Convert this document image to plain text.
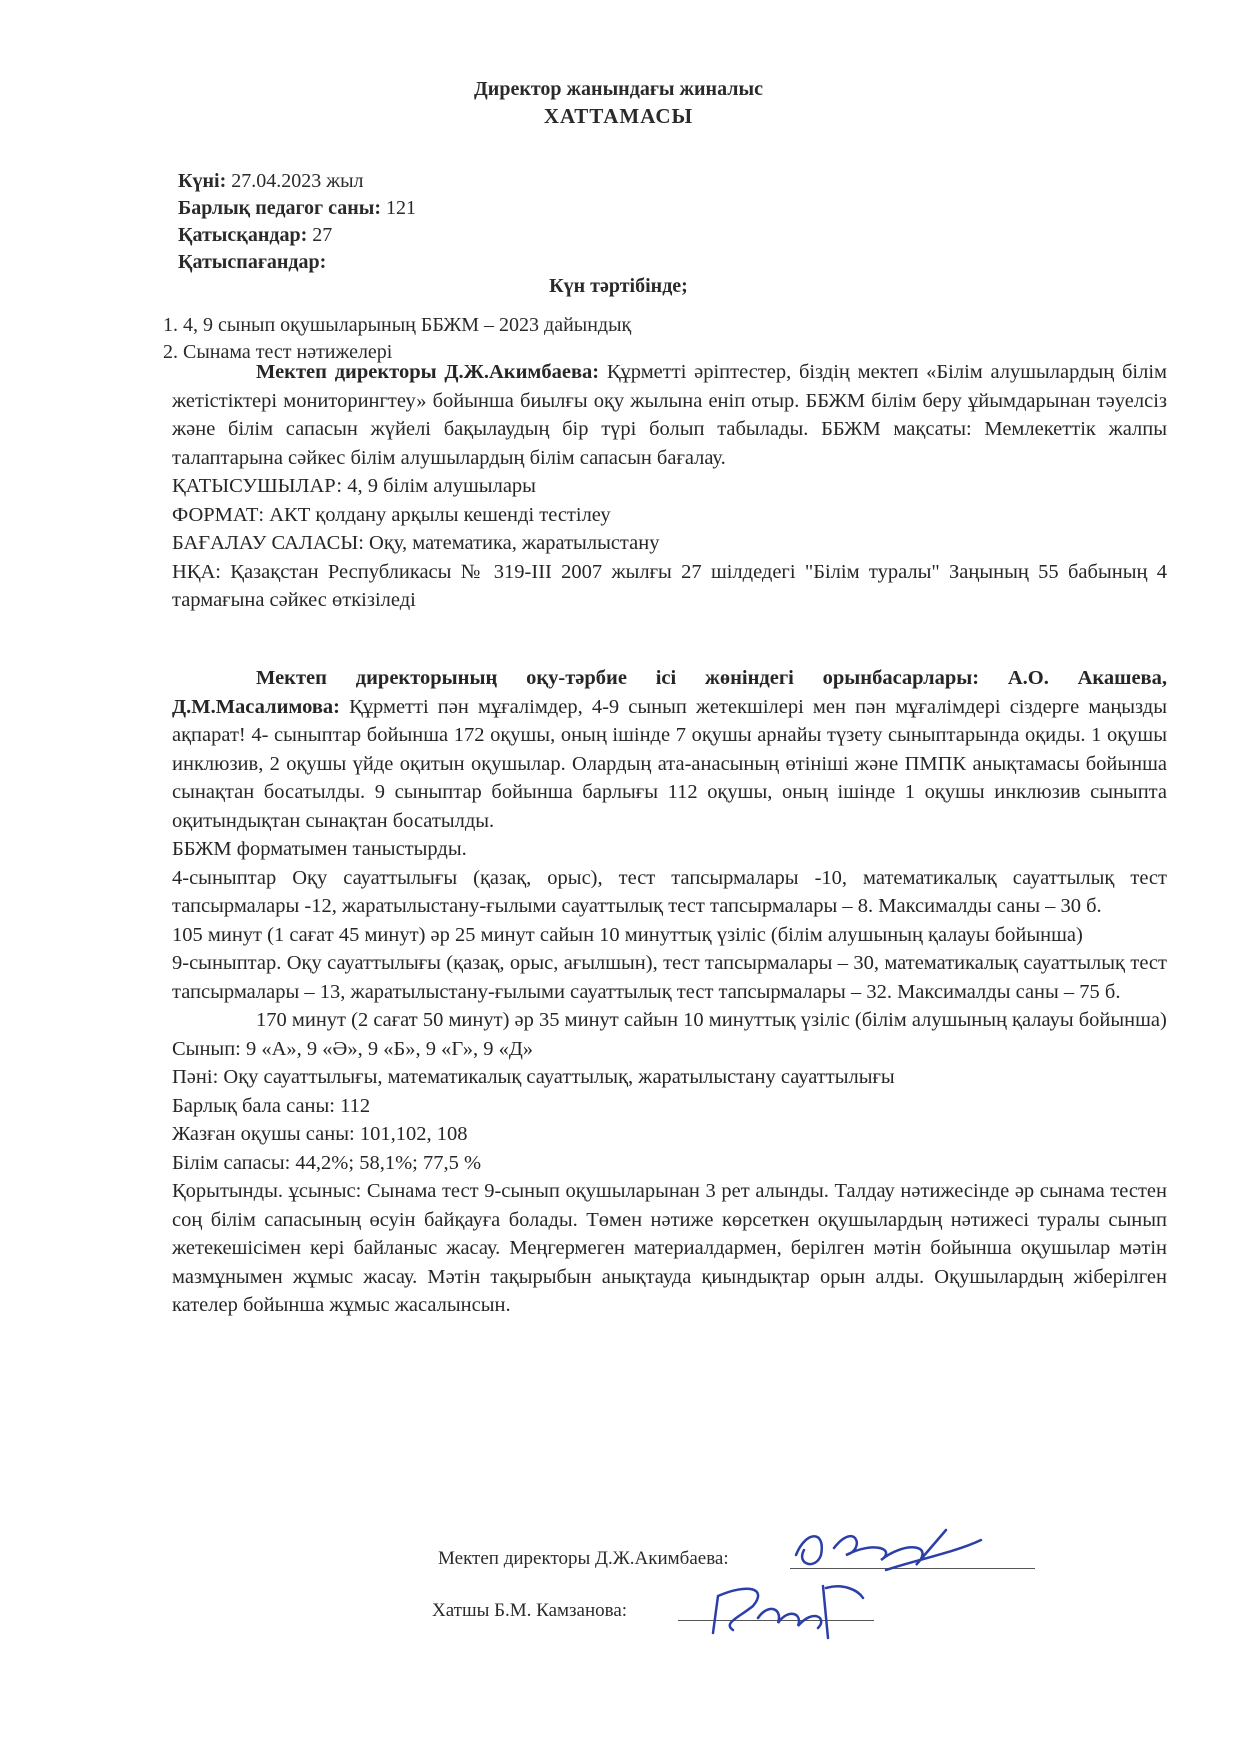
Директор жанындағы жиналыс
ХАТТАМАСЫ
Күні: 27.04.2023 жыл
Барлық педагог саны: 121
Қатысқандар: 27
Қатыспағандар:
Күн тәртібінде;
1. 4, 9 сынып оқушыларының ББЖМ – 2023 дайындық
2. Сынама тест нәтижелері

Мектеп директоры Д.Ж.Акимбаева: Құрметті әріптестер, біздің мектеп «Білім алушылардың білім жетістіктері мониторингтеу» бойынша биылғы оқу жылына еніп отыр. ББЖМ білім беру ұйымдарынан тәуелсіз және білім сапасын жүйелі бақылаудың бір түрі болып табылады. ББЖМ мақсаты: Мемлекеттік жалпы талаптарына сәйкес білім алушылардың білім сапасын бағалау.

ҚАТЫСУШЫЛАР: 4, 9 білім алушылары

ФОРМАТ: АКТ қолдану арқылы кешенді тестілеу

БАҒАЛАУ САЛАСЫ: Оқу, математика, жаратылыстану

НҚА: Қазақстан Республикасы № 319-III 2007 жылғы 27 шілдедегі "Білім туралы" Заңының 55 бабының 4 тармағына сәйкес өткізіледі

Мектеп директорының оқу-тәрбие ісі жөніндегі орынбасарлары: А.О. Акашева, Д.М.Масалимова: Құрметті пән мұғалімдер, 4-9 сынып жетекшілері мен пән мұғалімдері сіздерге маңызды ақпарат! 4- сыныптар бойынша 172 оқушы, оның ішінде 7 оқушы арнайы түзету сыныптарында оқиды. 1 оқушы инклюзив, 2 оқушы үйде оқитын оқушылар. Олардың ата-анасының өтініші және ПМПК анықтамасы бойынша сынақтан босатылды. 9 сыныптар бойынша барлығы 112 оқушы, оның ішінде 1 оқушы инклюзив сыныпта оқитындықтан сынақтан босатылды.

ББЖМ форматымен таныстырды.

4-сыныптар Оқу сауаттылығы (қазақ, орыс), тест тапсырмалары -10, математикалық сауаттылық тест тапсырмалары -12, жаратылыстану-ғылыми сауаттылық тест тапсырмалары – 8. Максималды саны – 30 б.

105 минут (1 сағат 45 минут) әр 25 минут сайын 10 минуттық үзіліс (білім алушының қалауы бойынша)

9-сыныптар. Оқу сауаттылығы (қазақ, орыс, ағылшын), тест тапсырмалары – 30, математикалық сауаттылық тест тапсырмалары – 13, жаратылыстану-ғылыми сауаттылық тест тапсырмалары – 32. Максималды саны – 75 б.

170 минут (2 сағат 50 минут) әр 35 минут сайын 10 минуттық үзіліс (білім алушының қалауы бойынша)

Сынып: 9 «А», 9 «Ә», 9 «Б», 9 «Г», 9 «Д»

Пәні: Оқу сауаттылығы, математикалық сауаттылық, жаратылыстану сауаттылығы

Барлық бала саны: 112

Жазған оқушы саны: 101,102, 108

Білім сапасы: 44,2%; 58,1%; 77,5 %

Қорытынды. ұсыныс: Сынама тест 9-сынып оқушыларынан 3 рет алынды. Талдау нәтижесінде әр сынама тестен соң білім сапасының өсуін байқауға болады. Төмен нәтиже көрсеткен оқушылардың нәтижесі туралы сынып жетекешісімен кері байланыс жасау. Меңгермеген материалдармен, берілген мәтін бойынша оқушылар мәтін мазмұнымен жұмыс жасау. Мәтін тақырыбын анықтауда қиындықтар орын алды. Оқушылардың жіберілген кателер бойынша жұмыс жасалынсын.

Мектеп директоры Д.Ж.Акимбаева:
Хатшы Б.М. Камзанова:
